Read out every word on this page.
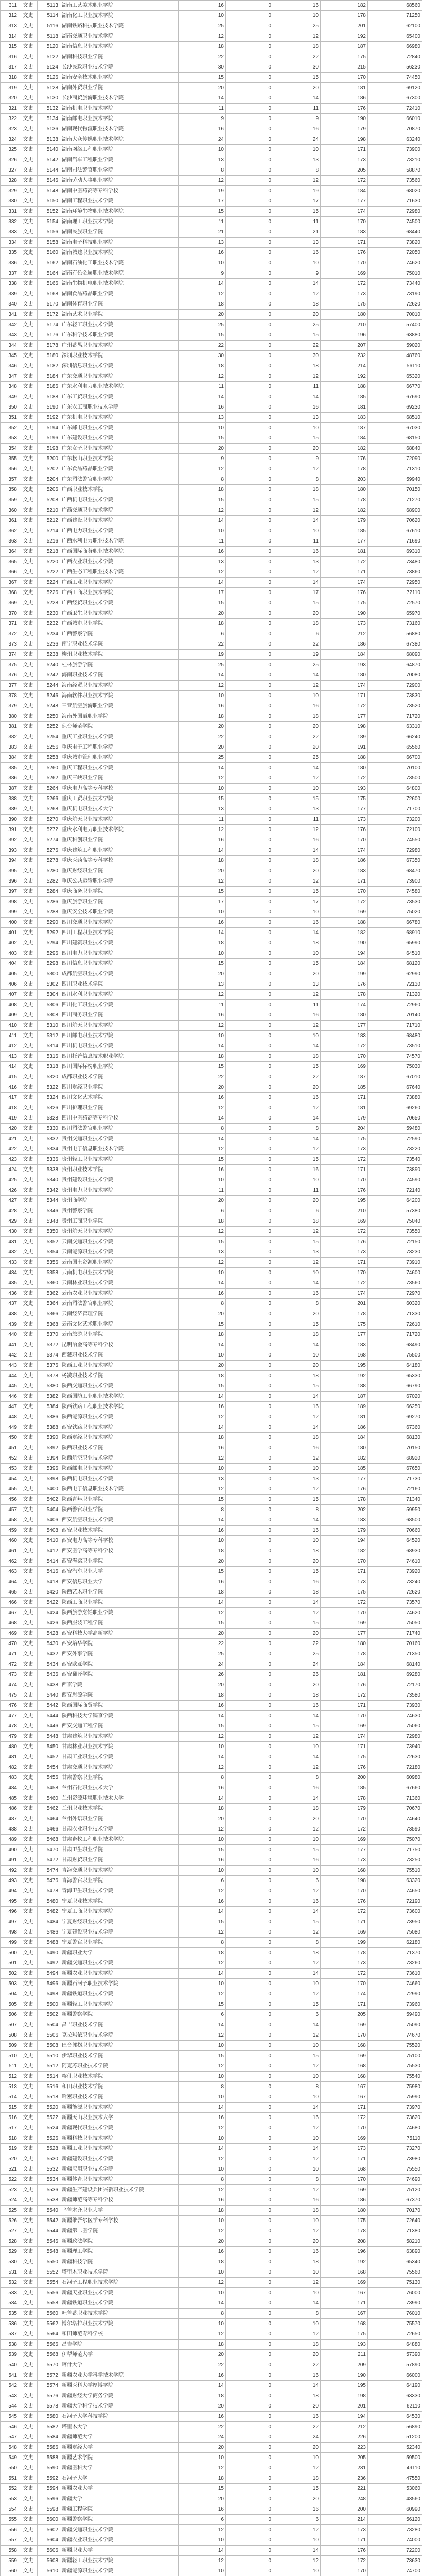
311	文史	5113	湖南工艺美术职业学院	16	0	16	182	68560
312	文史	5114	湖南化工职业技术学院	10	0	10	178	71250
313	文史	5116	湖南铁路科技职业技术学院	25	0	25	201	62100
314	文史	5118	湖南交通职业技术学院	12	0	12	192	65400
315	文史	5120	湖南信息职业技术学院	18	0	18	187	66980
316	文史	5122	湖南科技职业学院	22	0	22	175	72840
317	文史	5124	长沙民政职业技术学院	30	0	30	215	56230
318	文史	5126	湖南安全技术职业学院	15	0	15	170	74450
319	文史	5128	湖南外贸职业学院	20	0	20	181	69120
320	文史	5130	长沙商贸旅游职业技术学院	14	0	14	186	67300
321	文史	5132	湖南机电职业技术学院	11	0	11	176	72410
322	文史	5134	湖南邮电职业技术学院	9	0	9	190	66010
323	文史	5136	湖南现代物流职业技术学院	16	0	16	179	70870
324	文史	5138	湖南大众传媒职业技术学院	24	0	24	198	63240
325	文史	5140	湖南网络工程职业学院	10	0	10	171	73900
326	文史	5142	湖南汽车工程职业学院	13	0	13	173	73210
327	文史	5144	湖南司法警官职业学院	8	0	8	205	58870
328	文史	5146	湖南劳动人事职业学院	12	0	12	172	73560
329	文史	5148	湖南中医药高等专科学校	19	0	19	184	68020
330	文史	5150	湖南工程职业技术学院	17	0	17	177	71630
331	文史	5152	湖南环境生物职业技术学院	15	0	15	174	72980
332	文史	5154	湖南理工职业技术学院	11	0	11	170	74500
333	文史	5156	湖南民族职业学院	21	0	21	183	68440
334	文史	5158	湖南电子科技职业学院	13	0	13	171	73820
335	文史	5160	湖南城建职业技术学院	16	0	16	176	72050
336	文史	5162	湖南石油化工职业技术学院	10	0	10	170	74620
337	文史	5164	湖南有色金属职业技术学院	9	0	9	169	75010
338	文史	5166	湖南生物机电职业技术学院	14	0	14	172	73440
339	文史	5168	湖南食品药品职业学院	12	0	12	173	73190
340	文史	5170	湖南体育职业学院	18	0	18	175	72620
341	文史	5172	湖南艺术职业学院	20	0	20	180	70010
342	文史	5174	广东轻工职业技术学院	25	0	25	210	57400
343	文史	5176	广东科学技术职业学院	15	0	15	196	63880
344	文史	5178	广州番禺职业技术学院	22	0	22	207	59020
345	文史	5180	深圳职业技术学院	30	0	30	232	48760
346	文史	5182	深圳信息职业技术学院	18	0	18	214	56110
347	文史	5184	广东交通职业技术学院	12	0	12	192	65320
348	文史	5186	广东水利电力职业技术学院	11	0	11	188	66770
349	文史	5188	广东工贸职业技术学院	14	0	14	185	67690
350	文史	5190	广东农工商职业技术学院	16	0	16	181	69230
351	文史	5192	广东机电职业技术学院	13	0	13	183	68510
352	文史	5194	广东邮电职业技术学院	10	0	10	187	67030
353	文史	5196	广东建设职业技术学院	15	0	15	184	68150
354	文史	5198	广东女子职业技术学院	20	0	20	182	68840
355	文史	5200	广东松山职业技术学院	9	0	9	176	72090
356	文史	5202	广东食品药品职业学院	12	0	12	178	71310
357	文史	5204	广东司法警官职业学院	8	0	8	203	59940
358	文史	5206	广西职业技术学院	18	0	18	180	70150
359	文史	5208	广西机电职业技术学院	15	0	15	178	71270
360	文史	5210	广西交通职业技术学院	12	0	12	182	68900
361	文史	5212	广西建设职业技术学院	14	0	14	179	70620
362	文史	5214	广西电力职业技术学院	10	0	10	185	67610
363	文史	5216	广西水利电力职业技术学院	11	0	11	177	71690
364	文史	5218	广西国际商务职业技术学院	16	0	16	181	69310
365	文史	5220	广西农业职业技术学院	13	0	13	172	73480
366	文史	5222	广西生态工程职业技术学院	12	0	12	171	73860
367	文史	5224	广西工业职业技术学院	14	0	14	174	72950
368	文史	5226	广西工商职业技术学院	17	0	17	176	72110
369	文史	5228	广西经贸职业技术学院	15	0	15	175	72570
370	文史	5230	广西卫生职业技术学院	20	0	20	190	65970
371	文史	5232	广西城市职业学院	18	0	18	173	73160
372	文史	5234	广西警察学院	6	0	6	212	56880
373	文史	5236	南宁职业技术学院	22	0	22	186	67380
374	文史	5238	柳州职业技术学院	19	0	19	184	68090
375	文史	5240	桂林旅游学院	25	0	25	193	64870
376	文史	5242	海南职业技术学院	14	0	14	180	70080
377	文史	5244	海南经贸职业技术学院	12	0	12	174	72900
378	文史	5246	海南软件职业技术学院	10	0	10	171	73830
379	文史	5248	三亚航空旅游职业学院	16	0	16	172	73520
380	文史	5250	海南外国语职业学院	18	0	18	177	71720
381	文史	5252	琼台师范学院	20	0	20	198	63310
382	文史	5254	重庆工业职业技术学院	22	0	22	189	66240
383	文史	5256	重庆电子工程职业学院	20	0	20	191	65560
384	文史	5258	重庆城市管理职业学院	25	0	25	188	66700
385	文史	5260	重庆工程职业技术学院	14	0	14	180	70100
386	文史	5262	重庆三峡职业学院	12	0	12	172	73500
387	文史	5264	重庆电力高等专科学校	10	0	10	193	64800
388	文史	5266	重庆工贸职业技术学院	15	0	15	175	72600
389	文史	5268	重庆机电职业技术大学	13	0	13	177	71700
390	文史	5270	重庆航天职业技术学院	11	0	11	173	73200
391	文史	5272	重庆水利电力职业技术学院	12	0	12	176	72100
392	文史	5274	重庆科创职业学院	16	0	16	170	74550
393	文史	5276	重庆建筑工程职业学院	14	0	14	174	72980
394	文史	5278	重庆医药高等专科学校	18	0	18	186	67350
395	文史	5280	重庆财经职业学院	20	0	20	183	68470
396	文史	5282	重庆公共运输职业学院	12	0	12	171	73900
397	文史	5284	重庆商务职业学院	15	0	15	170	74580
398	文史	5286	重庆旅游职业学院	17	0	17	172	73530
399	文史	5288	重庆安全技术职业学院	10	0	10	169	75020
400	文史	5290	四川交通职业技术学院	16	0	16	188	66780
401	文史	5292	四川工程职业技术学院	14	0	14	182	68910
402	文史	5294	四川建筑职业技术学院	18	0	18	190	65990
403	文史	5296	四川电力职业技术学院	10	0	10	194	64510
404	文史	5298	四川信息职业技术学院	15	0	15	184	68120
405	文史	5300	成都航空职业技术学院	20	0	20	199	62990
406	文史	5302	四川职业技术学院	13	0	13	176	72130
407	文史	5304	四川水利职业技术学院	12	0	12	178	71320
408	文史	5306	四川化工职业技术学院	11	0	11	174	72960
409	文史	5308	四川商务职业学院	16	0	16	180	70140
410	文史	5310	四川航天职业技术学院	12	0	12	177	71710
411	文史	5312	四川邮电职业技术学院	10	0	10	183	68480
412	文史	5314	四川机电职业技术学院	14	0	14	172	73510
413	文史	5316	四川托普信息技术职业学院	18	0	18	170	74570
414	文史	5318	四川国际标榜职业学院	15	0	15	169	75030
415	文史	5320	成都职业技术学院	22	0	22	187	67010
416	文史	5322	四川财经职业学院	20	0	20	185	67640
417	文史	5324	四川文化艺术学院	16	0	16	171	73880
418	文史	5326	四川护理职业学院	12	0	12	181	69260
419	文史	5328	四川中医药高等专科学校	14	0	14	179	70650
420	文史	5330	四川司法警官职业学院	8	0	8	204	59480
421	文史	5332	贵州交通职业技术学院	14	0	14	175	72590
422	文史	5334	贵州电子信息职业技术学院	12	0	12	173	73220
423	文史	5336	贵州轻工职业技术学院	15	0	15	172	73540
424	文史	5338	贵州职业技术学院	16	0	16	171	73890
425	文史	5340	贵州建设职业技术学院	10	0	10	170	74590
426	文史	5342	贵州电力职业技术学院	11	0	11	176	72140
427	文史	5344	贵州商学院	20	0	20	195	64200
428	文史	5346	贵州警察学院	6	0	6	210	57380
429	文史	5348	贵州工商职业学院	18	0	18	169	75040
430	文史	5350	贵州航天职业技术学院	12	0	12	172	73550
431	文史	5352	云南交通职业技术学院	15	0	15	176	72150
432	文史	5354	云南能源职业技术学院	13	0	13	173	73230
433	文史	5356	云南国土资源职业学院	12	0	12	171	73910
434	文史	5358	云南机电职业技术学院	10	0	10	170	74600
435	文史	5360	云南林业职业技术学院	14	0	14	172	73560
436	文史	5362	云南农业职业技术学院	16	0	16	174	72970
437	文史	5364	云南司法警官职业学院	8	0	8	201	60320
438	文史	5366	云南经济管理学院	20	0	20	178	71330
439	文史	5368	云南文化艺术职业学院	15	0	15	175	72610
440	文史	5370	云南旅游职业学院	18	0	18	177	71720
441	文史	5372	昆明冶金高等专科学校	14	0	14	183	68490
442	文史	5374	西藏职业技术学院	10	0	10	168	75500
443	文史	5376	陕西工业职业技术学院	20	0	20	195	64180
444	文史	5378	杨凌职业技术学院	18	0	18	192	65330
445	文史	5380	陕西交通职业技术学院	15	0	15	188	66790
446	文史	5382	陕西国防工业职业技术学院	14	0	14	187	67020
447	文史	5384	陕西铁路工程职业技术学院	16	0	16	189	66250
448	文史	5386	陕西能源职业技术学院	12	0	12	181	69270
449	文史	5388	西安铁路职业技术学院	14	0	14	186	67360
450	文史	5390	陕西财经职业技术学院	18	0	18	184	68130
451	文史	5392	陕西职业技术学院	16	0	16	180	70150
452	文史	5394	陕西航空职业技术学院	12	0	12	182	68920
453	文史	5396	陕西邮电职业技术学院	10	0	10	185	67650
454	文史	5398	陕西机电职业技术学院	13	0	13	177	71730
455	文史	5400	陕西电子信息职业技术学院	12	0	12	176	72160
456	文史	5402	陕西青年职业学院	15	0	15	178	71340
457	文史	5404	陕西警官职业学院	8	0	8	202	59950
458	文史	5406	西安航空职业技术学院	14	0	14	183	68500
459	文史	5408	西安职业技术学院	16	0	16	179	70660
460	文史	5410	西安电力高等专科学校	10	0	10	194	64520
461	文史	5412	西安医学高等专科学校	18	0	18	182	68930
462	文史	5414	西安海棠职业学院	20	0	20	170	74610
463	文史	5416	西安汽车职业大学	15	0	15	171	73920
464	文史	5418	西安信息职业大学	16	0	16	173	73240
465	文史	5420	陕西艺术职业学院	18	0	18	175	72620
466	文史	5422	陕西工商职业学院	14	0	14	172	73570
467	文史	5424	陕西旅游烹饪职业学院	12	0	12	170	74620
468	文史	5426	陕西服装工程学院	15	0	15	169	75050
469	文史	5428	西安科技大学高新学院	20	0	20	177	71740
470	文史	5430	西安培华学院	22	0	22	180	70160
471	文史	5432	西安外事学院	25	0	25	178	71350
472	文史	5434	西安欧亚学院	24	0	24	184	68140
473	文史	5436	西安翻译学院	26	0	26	181	69280
474	文史	5438	西京学院	20	0	20	176	72170
475	文史	5440	西安思源学院	18	0	18	172	73580
476	文史	5442	陕西国际商贸学院	16	0	16	171	73930
477	文史	5444	陕西科技大学镐京学院	14	0	14	170	74630
478	文史	5446	西安交通工程学院	15	0	15	169	75060
479	文史	5448	甘肃建筑职业技术学院	12	0	12	174	72980
480	文史	5450	甘肃林业职业技术学院	10	0	10	171	73940
481	文史	5452	甘肃工业职业技术学院	14	0	14	175	72630
482	文史	5454	甘肃交通职业技术学院	12	0	12	176	72180
483	文史	5456	甘肃警察职业学院	8	0	8	200	60980
484	文史	5458	兰州石化职业技术大学	16	0	16	185	67660
485	文史	5460	兰州资源环境职业技术大学	14	0	14	178	71360
486	文史	5462	兰州职业技术学院	18	0	18	179	70670
487	文史	5464	兰州外语职业学院	20	0	20	170	74640
488	文史	5466	甘肃农业职业技术学院	12	0	12	172	73590
489	文史	5468	甘肃畜牧工程职业技术学院	10	0	10	169	75070
490	文史	5470	甘肃卫生职业学院	15	0	15	177	71750
491	文史	5472	甘肃财贸职业学院	16	0	16	173	73250
492	文史	5474	青海交通职业技术学院	10	0	10	168	75510
493	文史	5476	青海警官职业学院	6	0	6	198	63320
494	文史	5478	青海卫生职业技术学院	12	0	12	170	74650
495	文史	5480	宁夏职业技术学院	16	0	16	176	72190
496	文史	5482	宁夏工商职业技术学院	14	0	14	172	73600
497	文史	5484	宁夏财经职业技术学院	15	0	15	171	73950
498	文史	5486	宁夏建设职业技术学院	12	0	12	169	75080
499	文史	5488	宁夏警官职业学院	8	0	8	199	62180
500	文史	5490	新疆职业大学	18	0	18	178	71370
501	文史	5492	新疆交通职业技术学院	12	0	12	173	73260
502	文史	5494	新疆农业职业技术学院	14	0	14	172	73610
503	文史	5496	新疆石河子职业技术学院	10	0	10	170	74660
504	文史	5498	新疆铁道职业技术学院	12	0	12	174	72990
505	文史	5500	新疆轻工职业技术学院	15	0	15	171	73960
506	文史	5502	新疆警察学院	6	0	6	205	59490
507	文史	5504	昌吉职业技术学院	14	0	14	169	75090
508	文史	5506	克拉玛依职业技术学院	12	0	12	170	74670
509	文史	5508	巴音郭楞职业技术学院	10	0	10	168	75520
510	文史	5510	伊犁职业技术学院	15	0	15	169	75100
511	文史	5512	阿克苏职业技术学院	12	0	12	168	75530
512	文史	5514	喀什职业技术学院	10	0	10	168	75540
513	文史	5516	和田职业技术学院	8	0	8	167	75980
514	文史	5518	哈密职业技术学院	10	0	10	167	75990
515	文史	5520	新疆能源职业技术学院	14	0	14	171	73970
516	文史	5522	新疆天山职业技术大学	16	0	16	172	73620
517	文史	5524	新疆现代职业技术学院	12	0	12	170	74680
518	文史	5526	新疆科技职业技术学院	10	0	10	169	75110
519	文史	5528	新疆工业职业技术学院	14	0	14	173	73270
520	文史	5530	新疆建设职业技术学院	12	0	12	171	73980
521	文史	5532	新疆应用职业技术学院	10	0	10	168	75550
522	文史	5534	新疆体育职业技术学院	8	0	8	170	74690
523	文史	5536	新疆生产建设兵团兴新职业技术学院	12	0	12	169	75120
524	文史	5538	新疆师范高等专科学校	16	0	16	186	67370
525	文史	5540	乌鲁木齐职业大学	18	0	18	180	70170
526	文史	5542	新疆维吾尔医学专科学校	10	0	10	175	72640
527	文史	5544	新疆第二医学院	12	0	12	178	71380
528	文史	5546	新疆政法学院	20	0	20	208	58210
529	文史	5548	新疆理工学院	16	0	16	196	63890
530	文史	5550	新疆科技学院	18	0	18	192	65340
531	文史	5552	塔里木职业技术学院	10	0	10	168	75560
532	文史	5554	石河子工程职业技术学院	12	0	12	169	75130
533	文史	5556	新疆天业职业技术学院	10	0	10	167	76000
534	文史	5558	新疆铁道职业技术学院	14	0	14	171	73990
535	文史	5560	吐鲁番职业技术学院	8	0	8	167	76010
536	文史	5562	博尔塔拉职业技术学院	10	0	10	168	75570
537	文史	5564	和田师范专科学校	12	0	12	175	72650
538	文史	5566	昌吉学院	18	0	18	193	64880
539	文史	5568	伊犁师范大学	20	0	20	211	57390
540	文史	5570	喀什大学	22	0	22	209	57890
541	文史	5572	新疆农业大学科学技术学院	16	0	16	190	66000
542	文史	5574	新疆医科大学厚博学院	14	0	14	195	64190
543	文史	5576	新疆财经大学商务学院	18	0	18	198	63330
544	文史	5578	新疆大学科学技术学院	20	0	20	201	62110
545	文史	5580	石河子大学科技学院	16	0	16	194	64530
546	文史	5582	塔里木大学	22	0	22	212	56890
547	文史	5584	新疆师范大学	24	0	24	226	51200
548	文史	5586	新疆财经大学	20	0	20	223	52340
549	文史	5588	新疆艺术学院	10	0	10	205	59500
550	文史	5590	新疆医科大学	12	0	12	231	49110
551	文史	5592	石河子大学	18	0	18	236	47550
552	文史	5594	新疆农业大学	15	0	15	221	53060
553	文史	5596	新疆大学	20	0	20	248	43560
554	文史	5598	新疆工程学院	16	0	16	200	60990
555	文史	5600	新疆警察学院	6	0	6	214	56120
556	文史	5602	新疆交通职业技术学院	12	0	12	173	73280
557	文史	5604	新疆农业职业技术学院	10	0	10	171	74000
558	文史	5606	新疆职业大学	14	0	14	176	72200
559	文史	5608	新疆轻工职业技术学院	12	0	12	172	73630
560	文史	5610	新疆能源职业技术学院	10	0	10	170	74700
